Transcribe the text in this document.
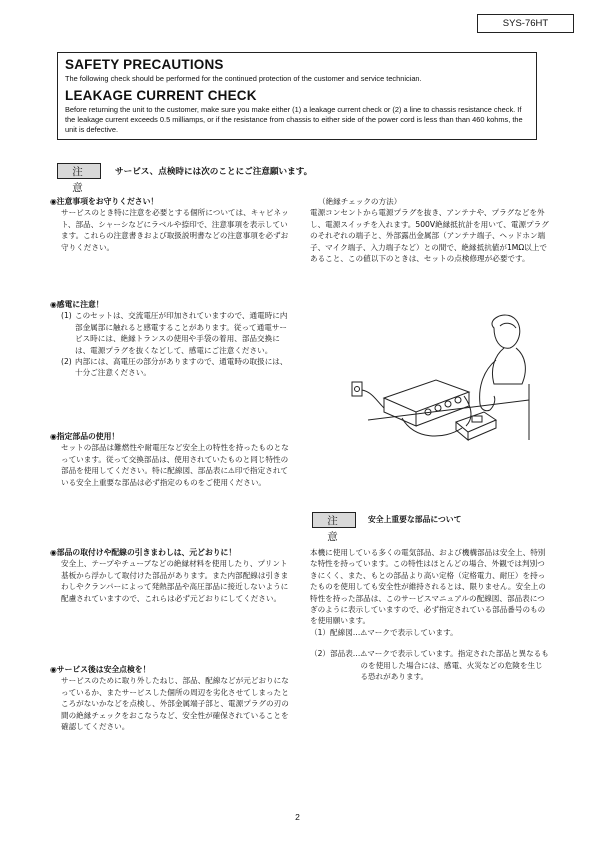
SYS-76HT
SAFETY PRECAUTIONS

The following check should be performed for the continued protection of the customer and service technician.

LEAKAGE CURRENT CHECK

Before returning the unit to the customer, make sure you make either (1) a leakage current check or (2) a line to chassis resistance check. If the leakage current exceeds 0.5 milliamps, or if the resistance from chassis to either side of the power cord is less than than 460 kohms, the unit is defective.

注 意
サービス、点検時には次のことにご注意願います。

◉注意事項をお守りください！

サービスのとき特に注意を必要とする個所については、キャビネット、部品、シャーシなどにラベルや捺印で、注意事項を表示しています。これらの注意書きおよび取扱説明書などの注意事項を必ずお守りください。

◉感電に注意！

(1) このセットは、交流電圧が印加されていますので、通電時に内部金属部に触れると感電することがあります。従って通電サービス時には、絶縁トランスの使用や手袋の着用、部品交換には、電源プラグを抜くなどして、感電にご注意ください。
(2) 内部には、高電圧の部分がありますので、通電時の取扱には、十分ご注意ください。

◉指定部品の使用！

セットの部品は難燃性や耐電圧など安全上の特性を持ったものとなっています。従って交換部品は、使用されていたものと同じ特性の部品を使用してください。特に配線図、部品表に⚠印で指定されている安全上重要な部品は必ず指定のものをご使用ください。

◉部品の取付けや配線の引きまわしは、元どおりに！

安全上、テープやチューブなどの絶縁材料を使用したり、プリント基板から浮かして取付けた部品があります。また内部配線は引きまわしやクランパーによって発熱部品や高圧部品に接近しないように配慮されていますので、これらは必ず元どおりにしてください。

◉サービス後は安全点検を！

サービスのために取り外したねじ、部品、配線などが元どおりになっているか、またサービスした個所の周辺を劣化させてしまったところがないかなどを点検し、外部金属端子部と、電源プラグの刃の間の絶縁チェックをおこなうなど、安全性が確保されていることを確認してください。

（絶縁チェックの方法）

電源コンセントから電源プラグを抜き、アンテナや、プラグなどを外し、電源スイッチを入れます。500V絶縁抵抗計を用いて、電源プラグのそれぞれの端子と、外部露出金属部（アンテナ端子、ヘッドホン端子、マイク端子、入力端子など）との間で、絶縁抵抗値が1MΩ以上であること、この値以下のときは、セットの点検修理が必要です。

注 意
安全上重要な部品について

本機に使用している多くの電気部品、および機構部品は安全上、特別な特性を持っています。この特性はほとんどの場合、外観では判別つきにくく、また、もとの部品より高い定格（定格電力、耐圧）を持ったものを使用しても安全性が維持されるとは、限りません。安全上の特性を持った部品は、このサービスマニュアルの配線図、部品表につぎのように表示していますので、必ず指定されている部品番号のものを使用願います。

（1）配線図… ⚠マークで表示しています。
（2）部品表… ⚠マークで表示しています。指定された部品と異なるものを使用した場合には、感電、火災などの危険を生じる恐れがあります。
2
